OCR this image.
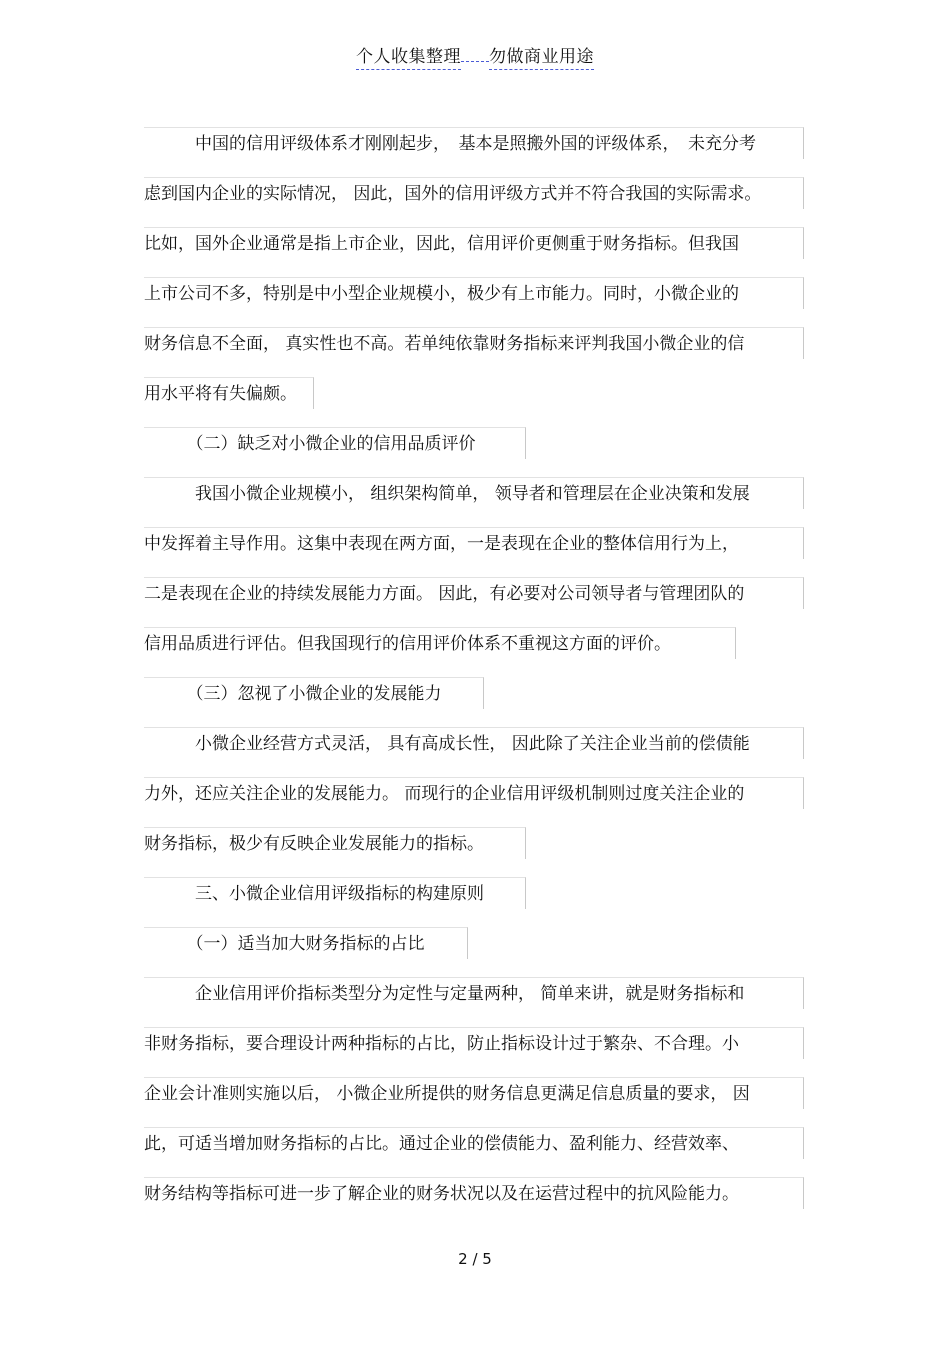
个人收集整理 勿做商业用途
　　　中国的信用评级体系才刚刚起步，　基本是照搬外国的评级体系，　未充分考
虑到国内企业的实际情况， 因此，国外的信用评级方式并不符合我国的实际需求。
比如，国外企业通常是指上市企业，因此，信用评价更侧重于财务指标。但我国
上市公司不多，特别是中小型企业规模小，极少有上市能力。同时，小微企业的
财务信息不全面， 真实性也不高。若单纯依靠财务指标来评判我国小微企业的信
用水平将有失偏颇。
　　　（二）缺乏对小微企业的信用品质评价
　　　我国小微企业规模小， 组织架构简单， 领导者和管理层在企业决策和发展
中发挥着主导作用。这集中表现在两方面，一是表现在企业的整体信用行为上，
二是表现在企业的持续发展能力方面。 因此，有必要对公司领导者与管理团队的
信用品质进行评估。但我国现行的信用评价体系不重视这方面的评价。
　　　（三）忽视了小微企业的发展能力
　　　小微企业经营方式灵活， 具有高成长性， 因此除了关注企业当前的偿债能
力外，还应关注企业的发展能力。 而现行的企业信用评级机制则过度关注企业的
财务指标，极少有反映企业发展能力的指标。
　　　三、小微企业信用评级指标的构建原则
　　　（一）适当加大财务指标的占比
　　　企业信用评价指标类型分为定性与定量两种， 简单来讲，就是财务指标和
非财务指标，要合理设计两种指标的占比，防止指标设计过于繁杂、不合理。小
企业会计准则实施以后， 小微企业所提供的财务信息更满足信息质量的要求， 因
此，可适当增加财务指标的占比。通过企业的偿债能力、盈利能力、经营效率、
财务结构等指标可进一步了解企业的财务状况以及在运营过程中的抗风险能力。
2 / 5
